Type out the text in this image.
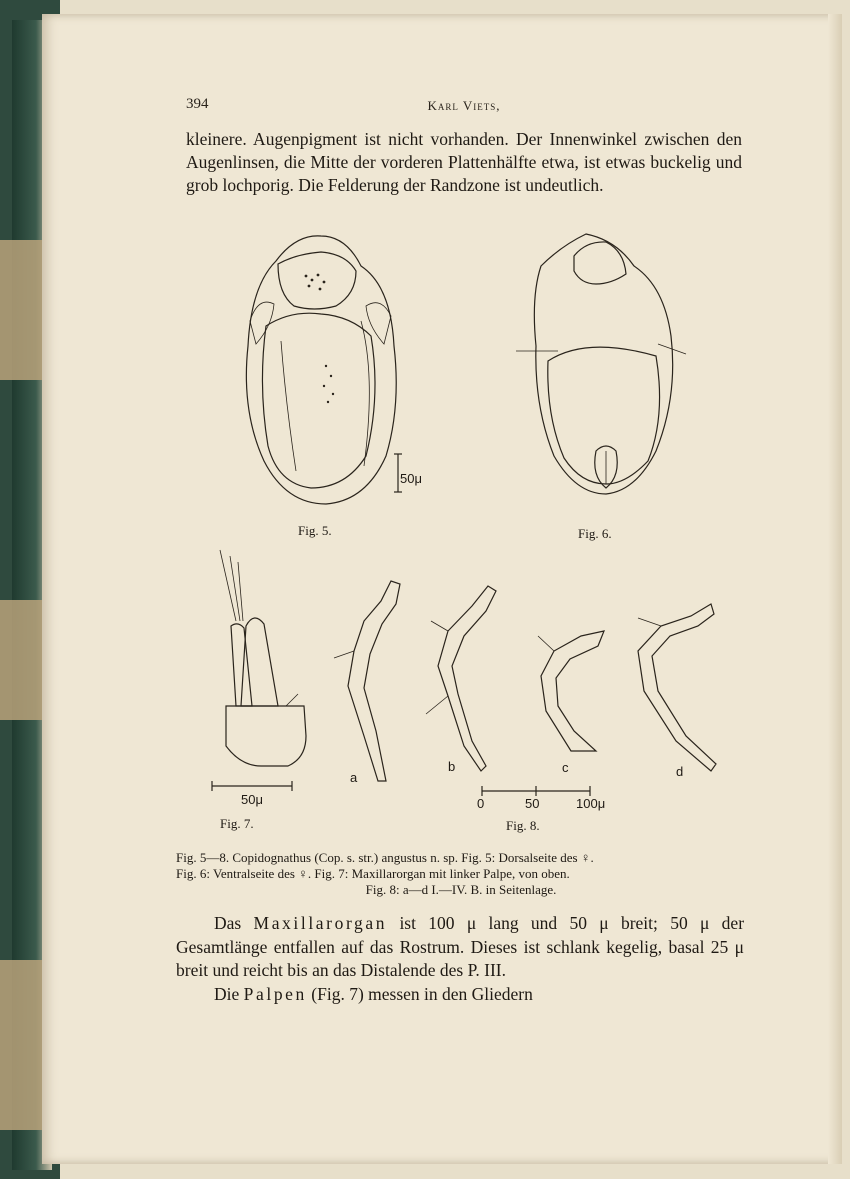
394	Karl Viets,

kleinere. Augenpigment ist nicht vorhanden. Der Innenwinkel zwischen den Augenlinsen, die Mitte der vorderen Plattenhälfte etwa, ist etwas buckelig und grob lochporig. Die Felderung der Randzone ist undeutlich.

50μ
Fig. 5.	Fig. 6.
50μ
Fig. 7.
a
b	c	d
0	50	100μ
Fig. 8.
Fig. 5—8. Copidognathus (Cop. s. str.) angustus n. sp. Fig. 5: Dorsalseite des ♀.
Fig. 6: Ventralseite des ♀. Fig. 7: Maxillarorgan mit linker Palpe, von oben.

Fig. 8: a—d I.—IV. B. in Seitenlage.

Das Maxillarorgan ist 100 μ lang und 50 μ breit; 50 μ der Gesamtlänge entfallen auf das Rostrum. Dieses ist schlank kegelig, basal 25 μ breit und reicht bis an das Distalende des P. III.

Die Palpen (Fig. 7) messen in den Gliedern
